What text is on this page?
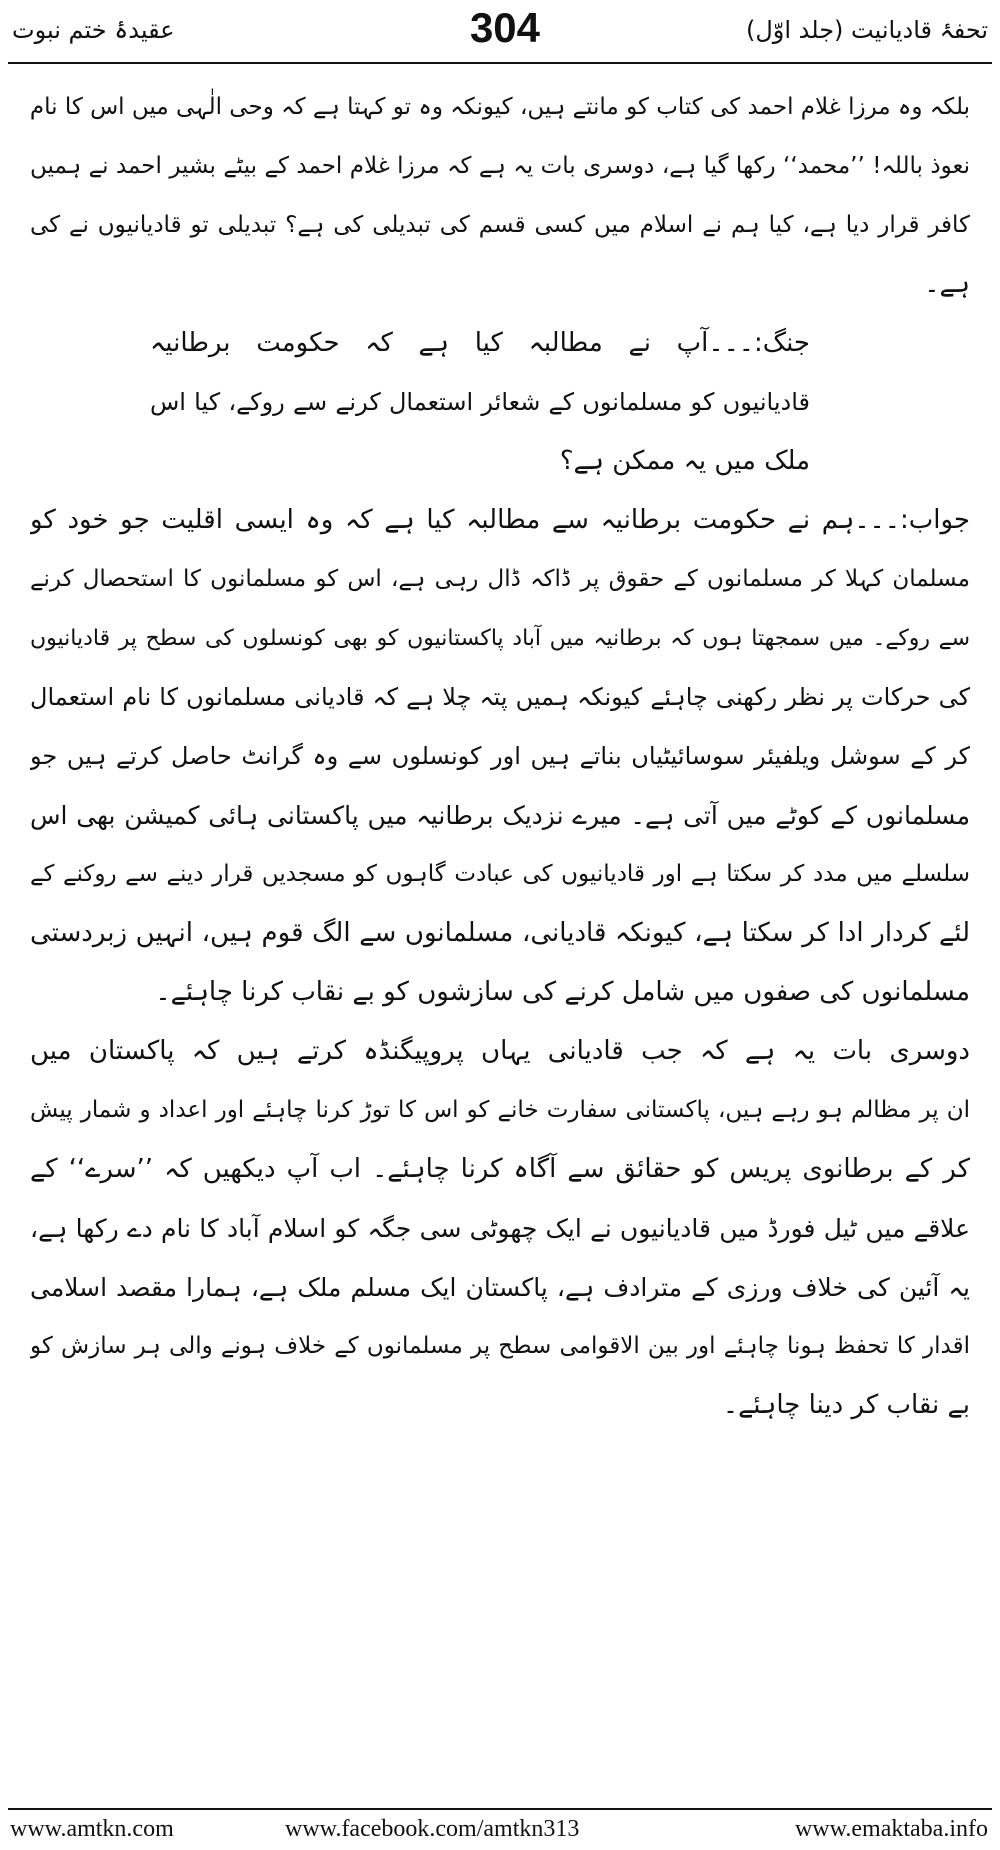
عقیدۂ ختم نبوت	304	تحفۂ قادیانیت (جلد اوّل)
بلکہ وہ مرزا غلام احمد کی کتاب کو مانتے ہیں، کیونکہ وہ تو کہتا ہے کہ وحی الٰہی میں اس کا نام
نعوذ باللہ! ’’محمد‘‘ رکھا گیا ہے، دوسری بات یہ ہے کہ مرزا غلام احمد کے بیٹے بشیر احمد نے ہمیں
کافر قرار دیا ہے، کیا ہم نے اسلام میں کسی قسم کی تبدیلی کی ہے؟ تبدیلی تو قادیانیوں نے کی
ہے۔
جنگ:۔۔۔آپ نے مطالبہ کیا ہے کہ حکومت برطانیہ
قادیانیوں کو مسلمانوں کے شعائر استعمال کرنے سے روکے، کیا اس
ملک میں یہ ممکن ہے؟
جواب:۔۔۔ہم نے حکومت برطانیہ سے مطالبہ کیا ہے کہ وہ ایسی اقلیت جو خود کو
مسلمان کہلا کر مسلمانوں کے حقوق پر ڈاکہ ڈال رہی ہے، اس کو مسلمانوں کا استحصال کرنے
سے روکے۔ میں سمجھتا ہوں کہ برطانیہ میں آباد پاکستانیوں کو بھی کونسلوں کی سطح پر قادیانیوں
کی حرکات پر نظر رکھنی چاہئے کیونکہ ہمیں پتہ چلا ہے کہ قادیانی مسلمانوں کا نام استعمال
کر کے سوشل ویلفیئر سوسائیٹیاں بناتے ہیں اور کونسلوں سے وہ گرانٹ حاصل کرتے ہیں جو
مسلمانوں کے کوٹے میں آتی ہے۔ میرے نزدیک برطانیہ میں پاکستانی ہائی کمیشن بھی اس
سلسلے میں مدد کر سکتا ہے اور قادیانیوں کی عبادت گاہوں کو مسجدیں قرار دینے سے روکنے کے
لئے کردار ادا کر سکتا ہے، کیونکہ قادیانی، مسلمانوں سے الگ قوم ہیں، انہیں زبردستی
مسلمانوں کی صفوں میں شامل کرنے کی سازشوں کو بے نقاب کرنا چاہئے۔
دوسری بات یہ ہے کہ جب قادیانی یہاں پروپیگنڈہ کرتے ہیں کہ پاکستان میں
ان پر مظالم ہو رہے ہیں، پاکستانی سفارت خانے کو اس کا توڑ کرنا چاہئے اور اعداد و شمار پیش
کر کے برطانوی پریس کو حقائق سے آگاہ کرنا چاہئے۔ اب آپ دیکھیں کہ ’’سرے‘‘ کے
علاقے میں ٹیل فورڈ میں قادیانیوں نے ایک چھوٹی سی جگہ کو اسلام آباد کا نام دے رکھا ہے،
یہ آئین کی خلاف ورزی کے مترادف ہے، پاکستان ایک مسلم ملک ہے، ہمارا مقصد اسلامی
اقدار کا تحفظ ہونا چاہئے اور بین الاقوامی سطح پر مسلمانوں کے خلاف ہونے والی ہر سازش کو
بے نقاب کر دینا چاہئے۔
www.amtkn.com	www.facebook.com/amtkn313	www.emaktaba.info
